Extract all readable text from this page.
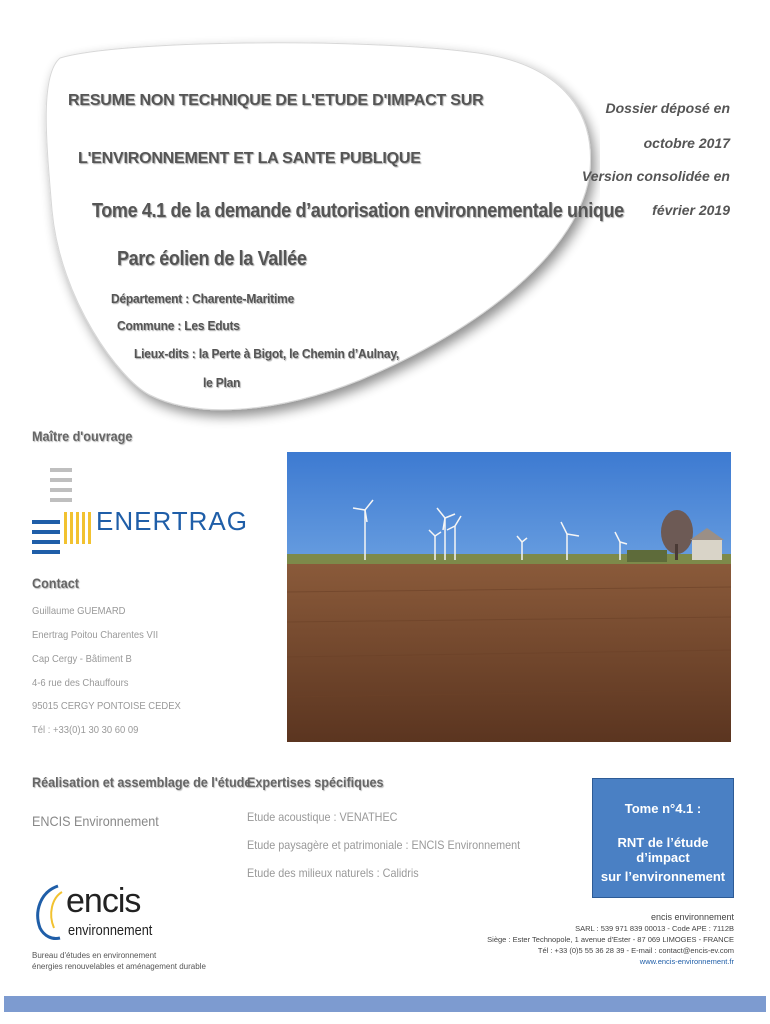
RESUME NON TECHNIQUE DE L'ETUDE D'IMPACT SUR
L'ENVIRONNEMENT ET LA SANTE PUBLIQUE
Tome 4.1 de la demande d’autorisation environnementale unique
Parc éolien de la Vallée
Département : Charente-Maritime
Commune : Les Eduts
Lieux-dits : la Perte à Bigot, le Chemin d’Aulnay,
le Plan
Dossier déposé en
octobre 2017
Version consolidée en
février 2019
Maître d'ouvrage
ENERTRAG
Contact
Guillaume GUEMARD
Enertrag Poitou Charentes VII
Cap Cergy - Bâtiment B
4-6 rue des Chauffours
95015 CERGY PONTOISE CEDEX
Tél : +33(0)1 30 30 60 09
Réalisation et assemblage de l'étude
ENCIS Environnement
Expertises spécifiques
Etude acoustique : VENATHEC
Etude paysagère et patrimoniale : ENCIS Environnement
Etude des milieux naturels : Calidris
Tome n°4.1 :
RNT de l’étude d’impact
sur l’environnement
encis
environnement
Bureau d'études en environnement
énergies renouvelables et aménagement durable
encis environnement
SARL : 539 971 839 00013 - Code APE : 7112B
Siège : Ester Technopole, 1 avenue d'Ester - 87 069 LIMOGES - FRANCE
Tél : +33 (0)5 55 36 28 39 - E-mail : contact@encis-ev.com
www.encis-environnement.fr
